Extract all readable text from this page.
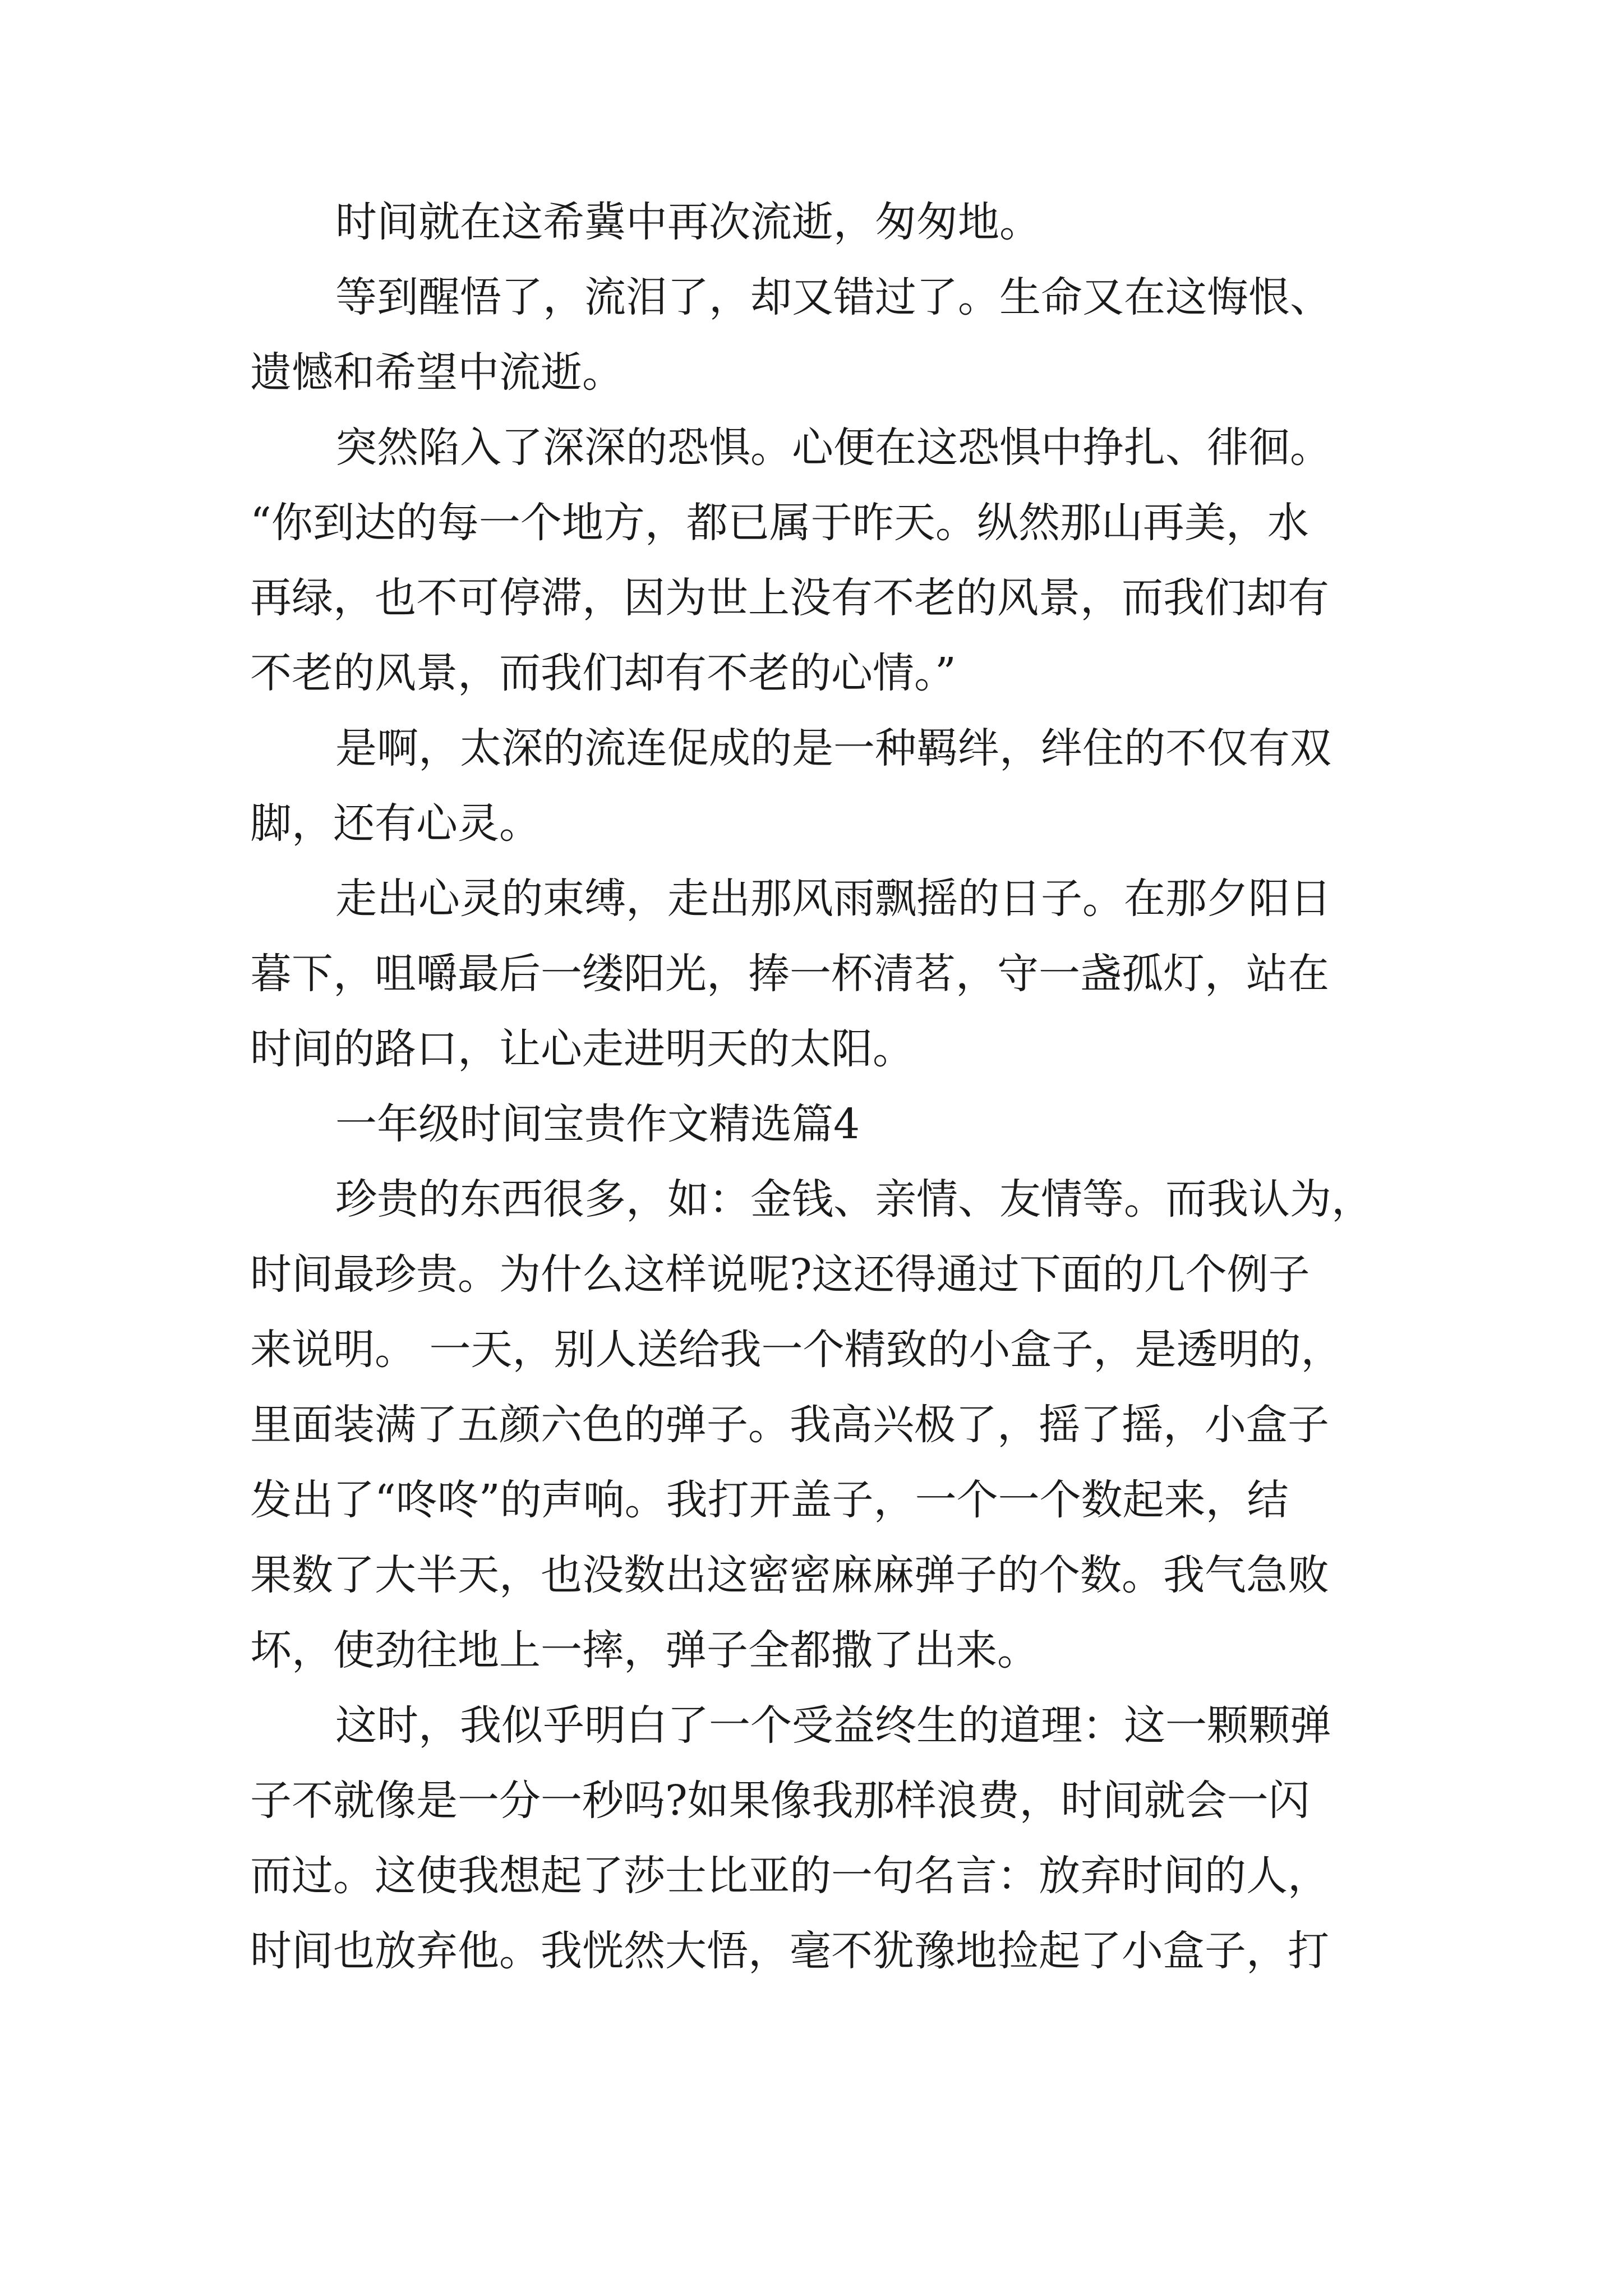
时间就在这希冀中再次流逝，匆匆地。

等到醒悟了，流泪了，却又错过了。生命又在这悔恨、

遗憾和希望中流逝。

突然陷入了深深的恐惧。心便在这恐惧中挣扎、徘徊。

“你到达的每一个地方，都已属于昨天。纵然那山再美，水

再绿，也不可停滞，因为世上没有不老的风景，而我们却有

不老的风景，而我们却有不老的心情。”

是啊，太深的流连促成的是一种羁绊，绊住的不仅有双

脚，还有心灵。

走出心灵的束缚，走出那风雨飘摇的日子。在那夕阳日

暮下，咀嚼最后一缕阳光，捧一杯清茗，守一盏孤灯，站在

时间的路口，让心走进明天的太阳。

一年级时间宝贵作文精选篇4

珍贵的东西很多，如：金钱、亲情、友情等。而我认为，

时间最珍贵。为什么这样说呢?这还得通过下面的几个例子

来说明。 一天，别人送给我一个精致的小盒子，是透明的，

里面装满了五颜六色的弹子。我高兴极了，摇了摇，小盒子

发出了“咚咚”的声响。我打开盖子，一个一个数起来，结

果数了大半天，也没数出这密密麻麻弹子的个数。我气急败

坏，使劲往地上一摔，弹子全都撒了出来。

这时，我似乎明白了一个受益终生的道理：这一颗颗弹

子不就像是一分一秒吗?如果像我那样浪费，时间就会一闪

而过。这使我想起了莎士比亚的一句名言：放弃时间的人，

时间也放弃他。我恍然大悟，毫不犹豫地捡起了小盒子，打
